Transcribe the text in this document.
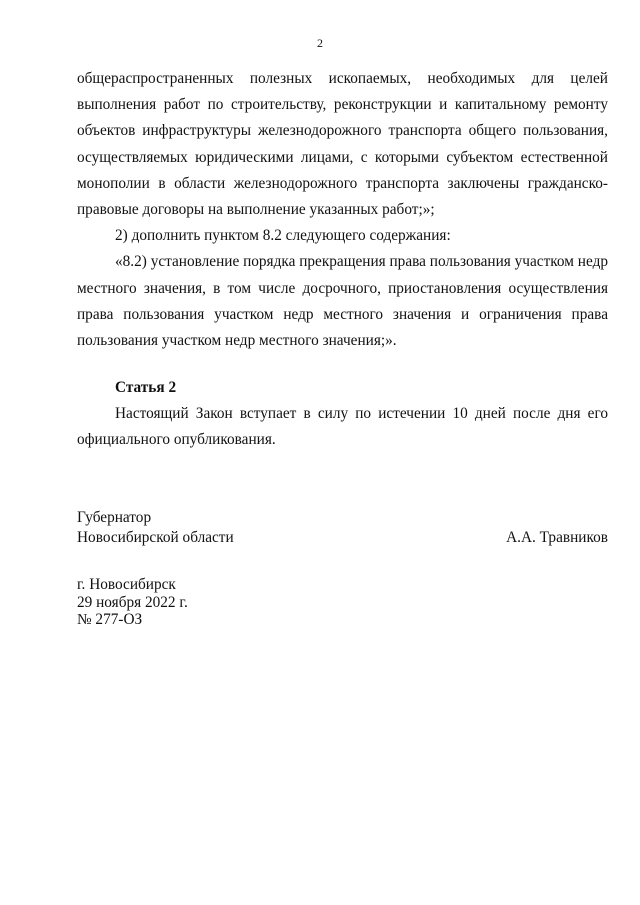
2

общераспространенных полезных ископаемых, необходимых для целей выполнения работ по строительству, реконструкции и капитальному ремонту объектов инфраструктуры железнодорожного транспорта общего пользования, осуществляемых юридическими лицами, с которыми субъектом естественной монополии в области железнодорожного транспорта заключены гражданско-правовые договоры на выполнение указанных работ;»;

2) дополнить пунктом 8.2 следующего содержания:

«8.2) установление порядка прекращения права пользования участком недр местного значения, в том числе досрочного, приостановления осуществления права пользования участком недр местного значения и ограничения права пользования участком недр местного значения;».

Статья 2
Настоящий Закон вступает в силу по истечении 10 дней после дня его официального опубликования.
Губернатор
Новосибирской области	А.А. Травников
г. Новосибирск
29 ноября 2022 г.
№ 277-ОЗ
